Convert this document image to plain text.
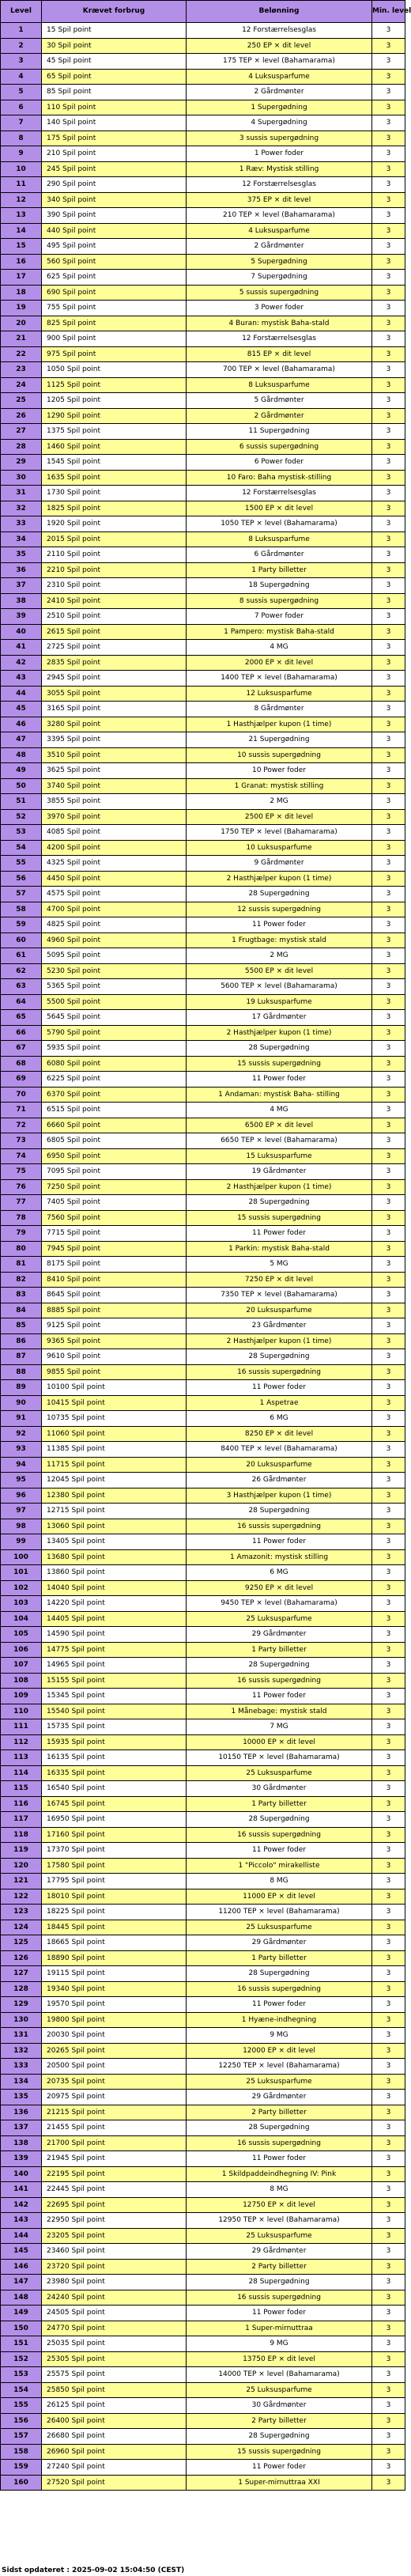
Level	Krævet forbrug	Belønning	Min. level
1	15 Spil point	12 Forstærrelsesglas	3
2	30 Spil point	250 EP × dit level	3
3	45 Spil point	175 TEP × level (Bahamarama)	3
4	65 Spil point	4 Luksusparfume	3
5	85 Spil point	2 Gårdmønter	3
6	110 Spil point	1 Supergødning	3
7	140 Spil point	4 Supergødning	3
8	175 Spil point	3 sussis supergødning	3
9	210 Spil point	1 Power foder	3
10	245 Spil point	1 Ræv: Mystisk stilling	3
11	290 Spil point	12 Forstærrelsesglas	3
12	340 Spil point	375 EP × dit level	3
13	390 Spil point	210 TEP × level (Bahamarama)	3
14	440 Spil point	4 Luksusparfume	3
15	495 Spil point	2 Gårdmønter	3
16	560 Spil point	5 Supergødning	3
17	625 Spil point	7 Supergødning	3
18	690 Spil point	5 sussis supergødning	3
19	755 Spil point	3 Power foder	3
20	825 Spil point	4 Buran: mystisk Baha-stald	3
21	900 Spil point	12 Forstærrelsesglas	3
22	975 Spil point	815 EP × dit level	3
23	1050 Spil point	700 TEP × level (Bahamarama)	3
24	1125 Spil point	8 Luksusparfume	3
25	1205 Spil point	5 Gårdmønter	3
26	1290 Spil point	2 Gårdmønter	3
27	1375 Spil point	11 Supergødning	3
28	1460 Spil point	6 sussis supergødning	3
29	1545 Spil point	6 Power foder	3
30	1635 Spil point	10 Faro: Baha mystisk-stilling	3
31	1730 Spil point	12 Forstærrelsesglas	3
32	1825 Spil point	1500 EP × dit level	3
33	1920 Spil point	1050 TEP × level (Bahamarama)	3
34	2015 Spil point	8 Luksusparfume	3
35	2110 Spil point	6 Gårdmønter	3
36	2210 Spil point	1 Party billetter	3
37	2310 Spil point	18 Supergødning	3
38	2410 Spil point	8 sussis supergødning	3
39	2510 Spil point	7 Power foder	3
40	2615 Spil point	1 Pampero: mystisk Baha-stald	3
41	2725 Spil point	4 MG	3
42	2835 Spil point	2000 EP × dit level	3
43	2945 Spil point	1400 TEP × level (Bahamarama)	3
44	3055 Spil point	12 Luksusparfume	3
45	3165 Spil point	8 Gårdmønter	3
46	3280 Spil point	1 Hasthjælper kupon (1 time)	3
47	3395 Spil point	21 Supergødning	3
48	3510 Spil point	10 sussis supergødning	3
49	3625 Spil point	10 Power foder	3
50	3740 Spil point	1 Granat: mystisk stilling	3
51	3855 Spil point	2 MG	3
52	3970 Spil point	2500 EP × dit level	3
53	4085 Spil point	1750 TEP × level (Bahamarama)	3
54	4200 Spil point	10 Luksusparfume	3
55	4325 Spil point	9 Gårdmønter	3
56	4450 Spil point	2 Hasthjælper kupon (1 time)	3
57	4575 Spil point	28 Supergødning	3
58	4700 Spil point	12 sussis supergødning	3
59	4825 Spil point	11 Power foder	3
60	4960 Spil point	1 Frugtbage: mystisk stald	3
61	5095 Spil point	2 MG	3
62	5230 Spil point	5500 EP × dit level	3
63	5365 Spil point	5600 TEP × level (Bahamarama)	3
64	5500 Spil point	19 Luksusparfume	3
65	5645 Spil point	17 Gårdmønter	3
66	5790 Spil point	2 Hasthjælper kupon (1 time)	3
67	5935 Spil point	28 Supergødning	3
68	6080 Spil point	15 sussis supergødning	3
69	6225 Spil point	11 Power foder	3
70	6370 Spil point	1 Andaman: mystisk Baha- stilling	3
71	6515 Spil point	4 MG	3
72	6660 Spil point	6500 EP × dit level	3
73	6805 Spil point	6650 TEP × level (Bahamarama)	3
74	6950 Spil point	15 Luksusparfume	3
75	7095 Spil point	19 Gårdmønter	3
76	7250 Spil point	2 Hasthjælper kupon (1 time)	3
77	7405 Spil point	28 Supergødning	3
78	7560 Spil point	15 sussis supergødning	3
79	7715 Spil point	11 Power foder	3
80	7945 Spil point	1 Parkin: mystisk Baha-stald	3
81	8175 Spil point	5 MG	3
82	8410 Spil point	7250 EP × dit level	3
83	8645 Spil point	7350 TEP × level (Bahamarama)	3
84	8885 Spil point	20 Luksusparfume	3
85	9125 Spil point	23 Gårdmønter	3
86	9365 Spil point	2 Hasthjælper kupon (1 time)	3
87	9610 Spil point	28 Supergødning	3
88	9855 Spil point	16 sussis supergødning	3
89	10100 Spil point	11 Power foder	3
90	10415 Spil point	1 Aspetrae	3
91	10735 Spil point	6 MG	3
92	11060 Spil point	8250 EP × dit level	3
93	11385 Spil point	8400 TEP × level (Bahamarama)	3
94	11715 Spil point	20 Luksusparfume	3
95	12045 Spil point	26 Gårdmønter	3
96	12380 Spil point	3 Hasthjælper kupon (1 time)	3
97	12715 Spil point	28 Supergødning	3
98	13060 Spil point	16 sussis supergødning	3
99	13405 Spil point	11 Power foder	3
100	13680 Spil point	1 Amazonit: mystisk stilling	3
101	13860 Spil point	6 MG	3
102	14040 Spil point	9250 EP × dit level	3
103	14220 Spil point	9450 TEP × level (Bahamarama)	3
104	14405 Spil point	25 Luksusparfume	3
105	14590 Spil point	29 Gårdmønter	3
106	14775 Spil point	1 Party billetter	3
107	14965 Spil point	28 Supergødning	3
108	15155 Spil point	16 sussis supergødning	3
109	15345 Spil point	11 Power foder	3
110	15540 Spil point	1 Månebage: mystisk stald	3
111	15735 Spil point	7 MG	3
112	15935 Spil point	10000 EP × dit level	3
113	16135 Spil point	10150 TEP × level (Bahamarama)	3
114	16335 Spil point	25 Luksusparfume	3
115	16540 Spil point	30 Gårdmønter	3
116	16745 Spil point	1 Party billetter	3
117	16950 Spil point	28 Supergødning	3
118	17160 Spil point	16 sussis supergødning	3
119	17370 Spil point	11 Power foder	3
120	17580 Spil point	1 "Piccolo" mirakelliste	3
121	17795 Spil point	8 MG	3
122	18010 Spil point	11000 EP × dit level	3
123	18225 Spil point	11200 TEP × level (Bahamarama)	3
124	18445 Spil point	25 Luksusparfume	3
125	18665 Spil point	29 Gårdmønter	3
126	18890 Spil point	1 Party billetter	3
127	19115 Spil point	28 Supergødning	3
128	19340 Spil point	16 sussis supergødning	3
129	19570 Spil point	11 Power foder	3
130	19800 Spil point	1 Hyæne-indhegning	3
131	20030 Spil point	9 MG	3
132	20265 Spil point	12000 EP × dit level	3
133	20500 Spil point	12250 TEP × level (Bahamarama)	3
134	20735 Spil point	25 Luksusparfume	3
135	20975 Spil point	29 Gårdmønter	3
136	21215 Spil point	2 Party billetter	3
137	21455 Spil point	28 Supergødning	3
138	21700 Spil point	16 sussis supergødning	3
139	21945 Spil point	11 Power foder	3
140	22195 Spil point	1 Skildpaddeindhegning IV: Pink	3
141	22445 Spil point	8 MG	3
142	22695 Spil point	12750 EP × dit level	3
143	22950 Spil point	12950 TEP × level (Bahamarama)	3
144	23205 Spil point	25 Luksusparfume	3
145	23460 Spil point	29 Gårdmønter	3
146	23720 Spil point	2 Party billetter	3
147	23980 Spil point	28 Supergødning	3
148	24240 Spil point	16 sussis supergødning	3
149	24505 Spil point	11 Power foder	3
150	24770 Spil point	1 Super-mirnuttraa	3
151	25035 Spil point	9 MG	3
152	25305 Spil point	13750 EP × dit level	3
153	25575 Spil point	14000 TEP × level (Bahamarama)	3
154	25850 Spil point	25 Luksusparfume	3
155	26125 Spil point	30 Gårdmønter	3
156	26400 Spil point	2 Party billetter	3
157	26680 Spil point	28 Supergødning	3
158	26960 Spil point	15 sussis supergødning	3
159	27240 Spil point	11 Power foder	3
160	27520 Spil point	1 Super-mirnuttraa XXI	3
Sidst opdateret : 2025-09-02 15:04:50 (CEST)
